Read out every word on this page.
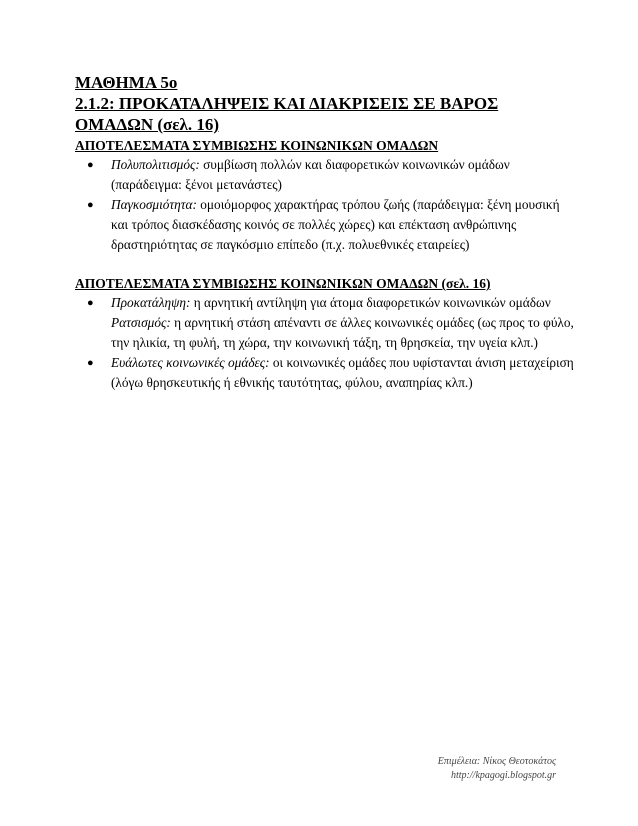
ΜΑΘΗΜΑ 5ο

2.1.2: ΠΡΟΚΑΤΑΛΗΨΕΙΣ ΚΑΙ ΔΙΑΚΡΙΣΕΙΣ ΣΕ ΒΑΡΟΣ ΟΜΑΔΩΝ (σελ. 16)

ΑΠΟΤΕΛΕΣΜΑΤΑ ΣΥΜΒΙΩΣΗΣ ΚΟΙΝΩΝΙΚΩΝ ΟΜΑΔΩΝ

● Πολυπολιτισμός: συμβίωση πολλών και διαφορετικών κοινωνικών ομάδων (παράδειγμα: ξένοι μετανάστες)
● Παγκοσμιότητα: ομοιόμορφος χαρακτήρας τρόπου ζωής (παράδειγμα: ξένη μουσική και τρόπος διασκέδασης κοινός σε πολλές χώρες) και επέκταση ανθρώπινης δραστηριότητας σε παγκόσμιο επίπεδο (π.χ. πολυεθνικές εταιρείες)

ΑΠΟΤΕΛΕΣΜΑΤΑ ΣΥΜΒΙΩΣΗΣ ΚΟΙΝΩΝΙΚΩΝ ΟΜΑΔΩΝ (σελ. 16)

● Προκατάληψη: η αρνητική αντίληψη για άτομα διαφορετικών κοινωνικών ομάδων
Ρατσισμός: η αρνητική στάση απέναντι σε άλλες κοινωνικές ομάδες (ως προς το φύλο, την ηλικία, τη φυλή, τη χώρα, την κοινωνική τάξη, τη θρησκεία, την υγεία κλπ.)
● Ευάλωτες κοινωνικές ομάδες: οι κοινωνικές ομάδες που υφίστανται άνιση μεταχείριση (λόγω θρησκευτικής ή εθνικής ταυτότητας, φύλου, αναπηρίας κλπ.)
Επιμέλεια: Νίκος Θεοτοκάτος
http://kpagogi.blogspot.gr
